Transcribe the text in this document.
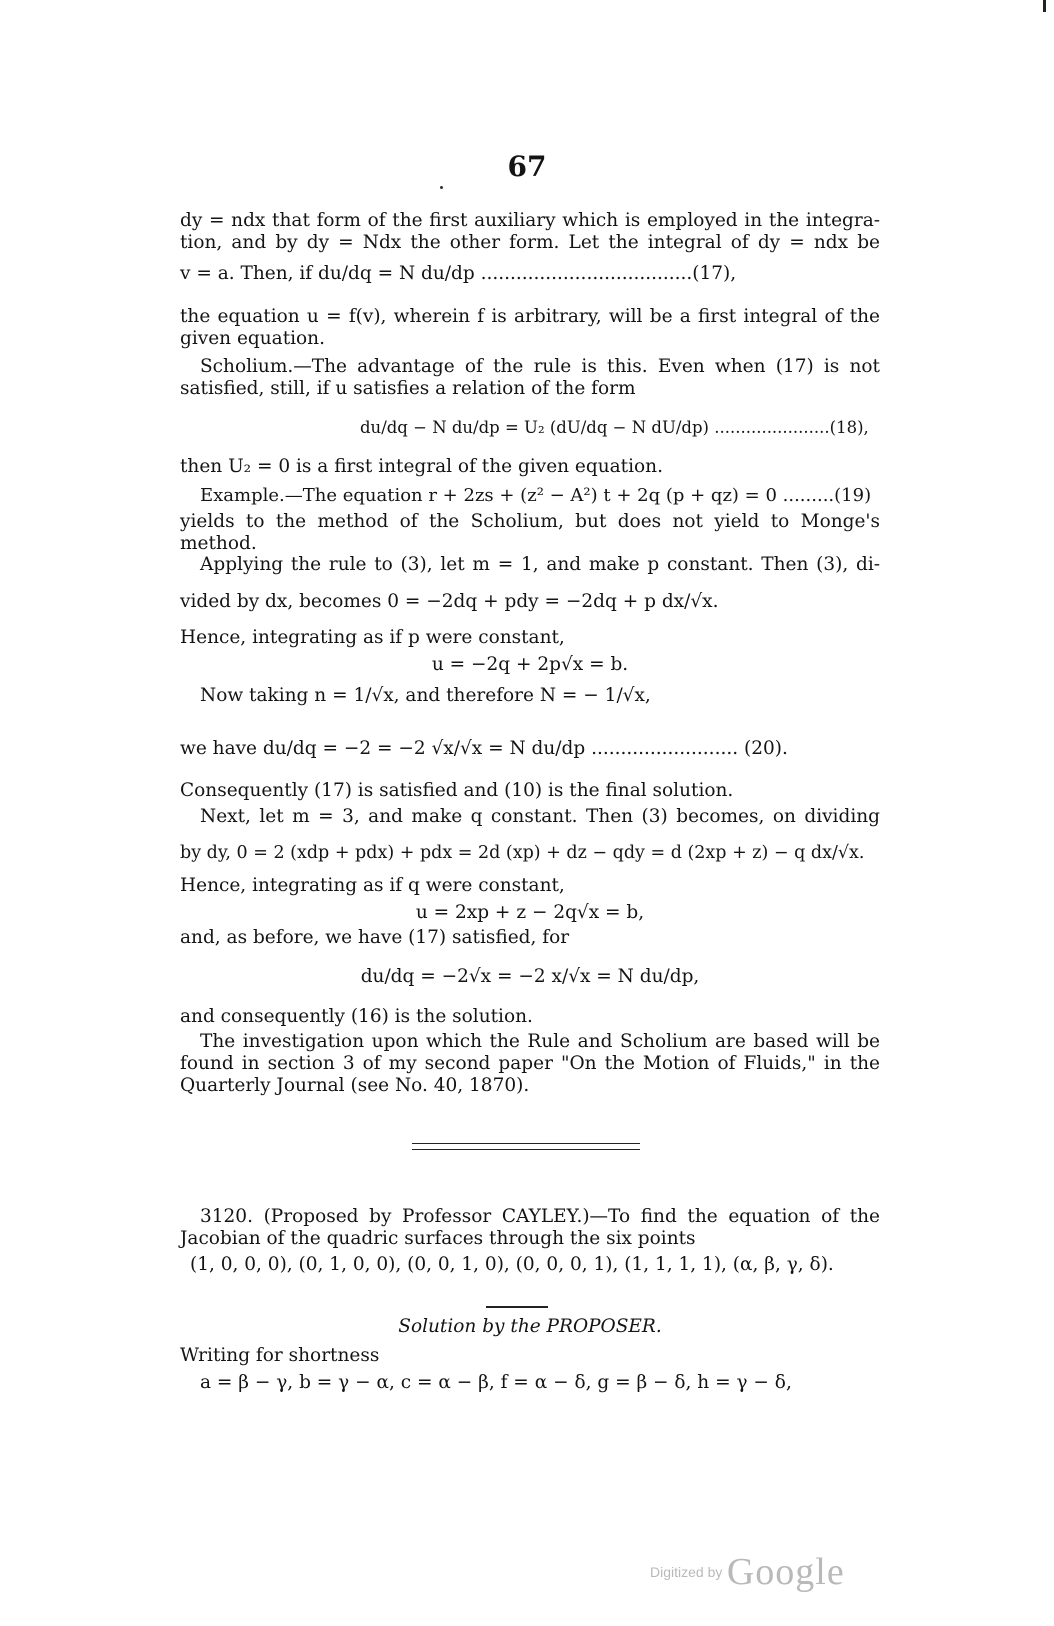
67
dy = ndx that form of the first auxiliary which is employed in the integra-
tion, and by dy = Ndx the other form. Let the integral of dy = ndx be
v = a. Then, if du/dq = N du/dp ....................................(17),
the equation u = f(v), wherein f is arbitrary, will be a first integral of the
given equation.
Scholium.—The advantage of the rule is this. Even when (17) is not
satisfied, still, if u satisfies a relation of the form
du/dq − N du/dp = U₂ (dU/dq − N dU/dp) ......................(18),
then U₂ = 0 is a first integral of the given equation.
Example.—The equation r + 2zs + (z² − A²) t + 2q (p + qz) = 0 .........(19)
yields to the method of the Scholium, but does not yield to Monge's
method.
Applying the rule to (3), let m = 1, and make p constant. Then (3), di-
vided by dx, becomes 0 = −2dq + pdy = −2dq + p dx/√x.
Hence, integrating as if p were constant,
u = −2q + 2p√x = b.
Now taking n = 1/√x, and therefore N = − 1/√x,
we have du/dq = −2 = −2 √x/√x = N du/dp ......................... (20).
Consequently (17) is satisfied and (10) is the final solution.
Next, let m = 3, and make q constant. Then (3) becomes, on dividing
by dy, 0 = 2 (xdp + pdx) + pdx = 2d (xp) + dz − qdy = d (2xp + z) − q dx/√x.
Hence, integrating as if q were constant,
u = 2xp + z − 2q√x = b,
and, as before, we have (17) satisfied, for
du/dq = −2√x = −2 x/√x = N du/dp,
and consequently (16) is the solution.
The investigation upon which the Rule and Scholium are based will be
found in section 3 of my second paper "On the Motion of Fluids," in the
Quarterly Journal (see No. 40, 1870).
3120. (Proposed by Professor CAYLEY.)—To find the equation of the
Jacobian of the quadric surfaces through the six points
(1, 0, 0, 0), (0, 1, 0, 0), (0, 0, 1, 0), (0, 0, 0, 1), (1, 1, 1, 1), (α, β, γ, δ).
Solution by the PROPOSER.
Writing for shortness
a = β − γ, b = γ − α, c = α − β, f = α − δ, g = β − δ, h = γ − δ,
Digitized by Google
